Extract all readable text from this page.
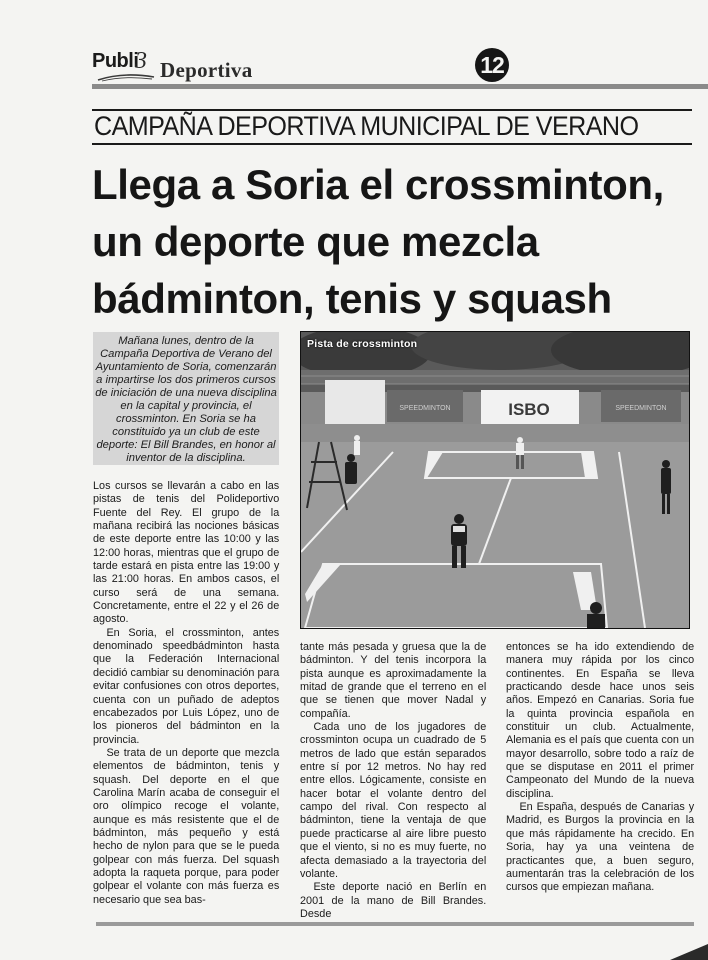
Publi
3 Deportiva	12
CAMPAÑA DEPORTIVA MUNICIPAL DE VERANO
Llega a Soria el crossminton, un deporte que mezcla bádminton, tenis y squash
Mañana lunes, dentro de la Campaña Deportiva de Verano del Ayuntamiento de Soria, comenzarán a impartirse los dos primeros cursos de iniciación de una nueva disciplina en la capital y provincia, el crossminton. En Soria se ha constituido ya un club de este deporte: El Bill Brandes, en honor al inventor de la disciplina.
SPEEDMINTON	ISBO	SPEEDMINTON
Pista de crossminton

Los cursos se llevarán a cabo en las pistas de tenis del Polideportivo Fuente del Rey. El grupo de la mañana recibirá las nociones básicas de este deporte entre las 10:00 y las 12:00 horas, mientras que el grupo de tarde estará en pista entre las 19:00 y las 21:00 horas. En ambos casos, el curso será de una semana. Concretamente, entre el 22 y el 26 de agosto.

En Soria, el crossminton, antes denominado speedbádminton hasta que la Federación Internacional decidió cambiar su denominación para evitar confusiones con otros deportes, cuenta con un puñado de adeptos encabezados por Luis López, uno de los pioneros del bádminton en la provincia.

Se trata de un deporte que mezcla elementos de bádminton, tenis y squash. Del deporte en el que Carolina Marín acaba de conseguir el oro olímpico recoge el volante, aunque es más resistente que el de bádminton, más pequeño y está hecho de nylon para que se le pueda golpear con más fuerza. Del squash adopta la raqueta porque, para poder golpear el volante con más fuerza es necesario que sea bas-

tante más pesada y gruesa que la de bádminton. Y del tenis incorpora la pista aunque es aproximadamente la mitad de grande que el terreno en el que se tienen que mover Nadal y compañía.

Cada uno de los jugadores de crossminton ocupa un cuadrado de 5 metros de lado que están separados entre sí por 12 metros. No hay red entre ellos. Lógicamente, consiste en hacer botar el volante dentro del campo del rival. Con respecto al bádminton, tiene la ventaja de que puede practicarse al aire libre puesto que el viento, si no es muy fuerte, no afecta demasiado a la trayectoria del volante.

Este deporte nació en Berlín en 2001 de la mano de Bill Brandes. Desde

entonces se ha ido extendiendo de manera muy rápida por los cinco continentes. En España se lleva practicando desde hace unos seis años. Empezó en Canarias. Soria fue la quinta provincia española en constituir un club. Actualmente, Alemania es el país que cuenta con un mayor desarrollo, sobre todo a raíz de que se disputase en 2011 el primer Campeonato del Mundo de la nueva disciplina.

En España, después de Canarias y Madrid, es Burgos la provincia en la que más rápidamente ha crecido. En Soria, hay ya una veintena de practicantes que, a buen seguro, aumentarán tras la celebración de los cursos que empiezan mañana.
